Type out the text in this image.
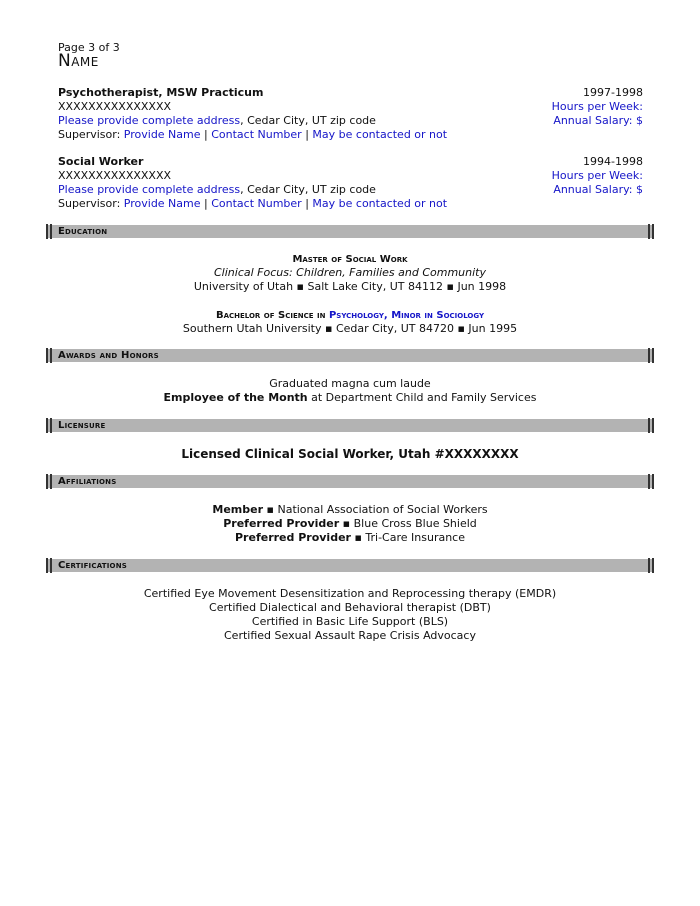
Page 3 of 3
Name
Psychotherapist, MSW Practicum	1997-1998
XXXXXXXXXXXXXXX	Hours per Week:
Please provide complete address, Cedar City, UT zip code	Annual Salary: $
Supervisor: Provide Name | Contact Number | May be contacted or not
Social Worker	1994-1998
XXXXXXXXXXXXXXX	Hours per Week:
Please provide complete address, Cedar City, UT zip code	Annual Salary: $
Supervisor: Provide Name | Contact Number | May be contacted or not
Education
Master of Social Work
Clinical Focus: Children, Families and Community
University of Utah ▪ Salt Lake City, UT 84112 ▪ Jun 1998
Bachelor of Science in Psychology, Minor in Sociology
Southern Utah University ▪ Cedar City, UT 84720 ▪ Jun 1995
Awards and Honors
Graduated magna cum laude
Employee of the Month at Department Child and Family Services
Licensure
Licensed Clinical Social Worker, Utah #XXXXXXXX
Affiliations
Member ▪ National Association of Social Workers
Preferred Provider ▪ Blue Cross Blue Shield
Preferred Provider ▪ Tri-Care Insurance
Certifications
Certified Eye Movement Desensitization and Reprocessing therapy (EMDR)
Certified Dialectical and Behavioral therapist (DBT)
Certified in Basic Life Support (BLS)
Certified Sexual Assault Rape Crisis Advocacy
